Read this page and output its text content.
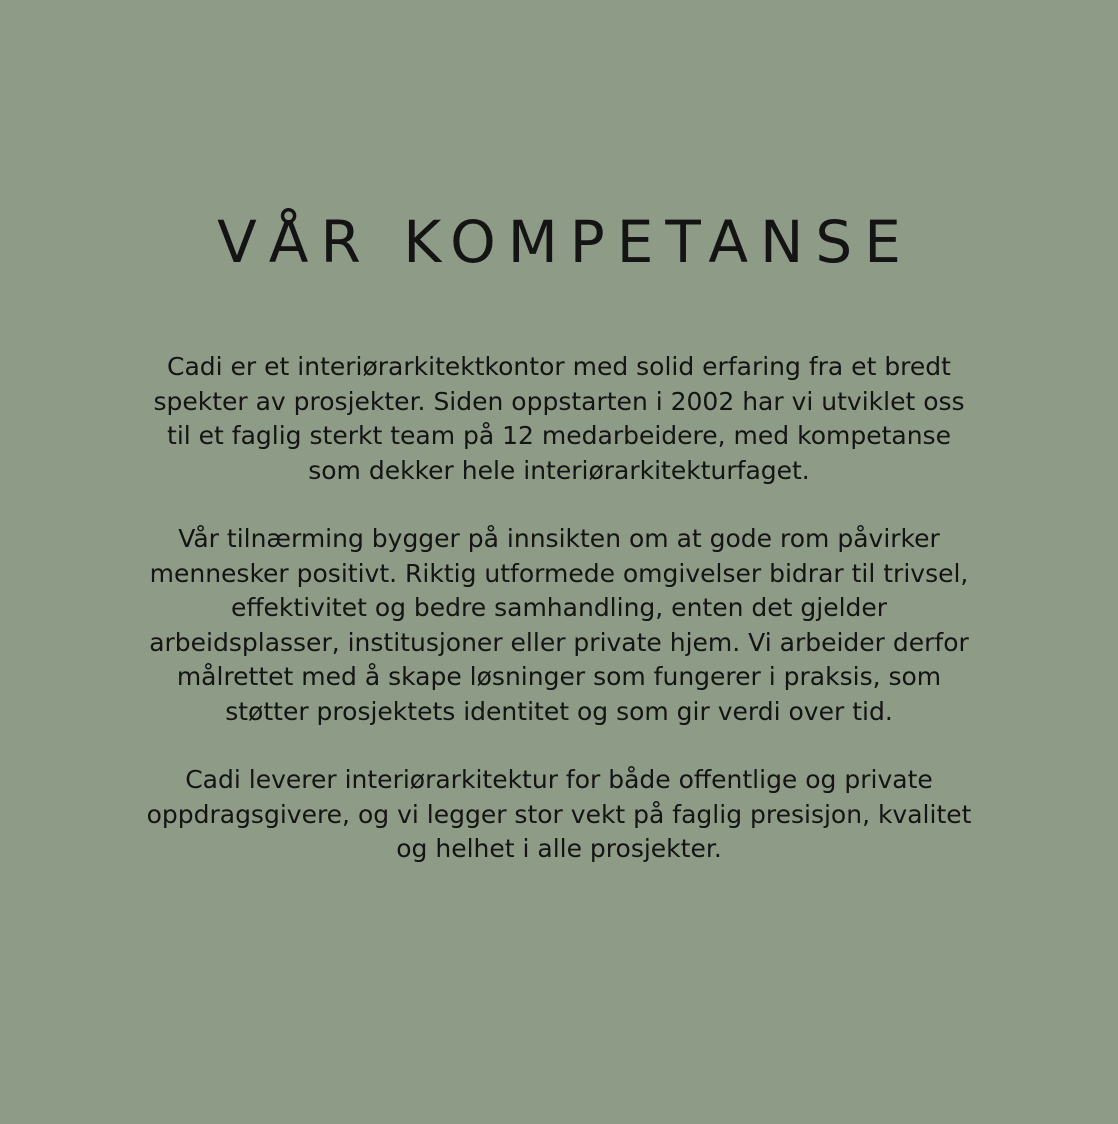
VÅR KOMPETANSE

Cadi er et interiørarkitektkontor med solid erfaring fra et bredt
spekter av prosjekter. Siden oppstarten i 2002 har vi utviklet oss
til et faglig sterkt team på 12 medarbeidere, med kompetanse
som dekker hele interiørarkitekturfaget.

Vår tilnærming bygger på innsikten om at gode rom påvirker
mennesker positivt. Riktig utformede omgivelser bidrar til trivsel,
effektivitet og bedre samhandling, enten det gjelder
arbeidsplasser, institusjoner eller private hjem. Vi arbeider derfor
målrettet med å skape løsninger som fungerer i praksis, som
støtter prosjektets identitet og som gir verdi over tid.

Cadi leverer interiørarkitektur for både offentlige og private
oppdragsgivere, og vi legger stor vekt på faglig presisjon, kvalitet
og helhet i alle prosjekter.
